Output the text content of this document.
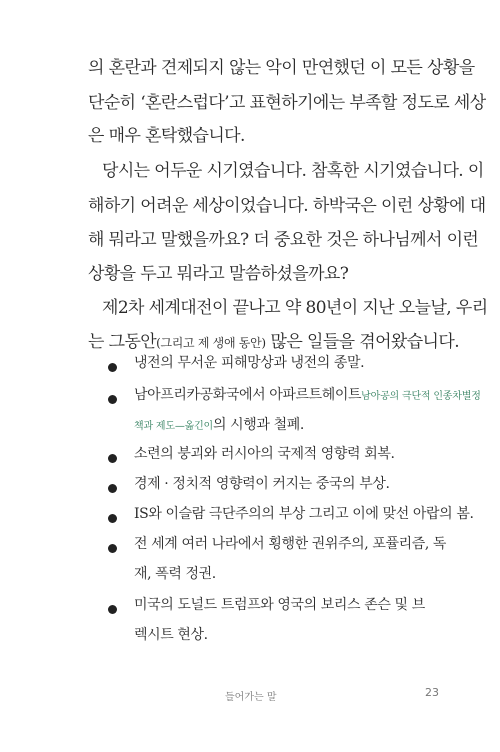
의 혼란과 견제되지 않는 악이 만연했던 이 모든 상황을
단순히 ‘혼란스럽다’고 표현하기에는 부족할 정도로 세상
은 매우 혼탁했습니다.
당시는 어두운 시기였습니다. 참혹한 시기였습니다. 이
해하기 어려운 세상이었습니다. 하박국은 이런 상황에 대
해 뭐라고 말했을까요? 더 중요한 것은 하나님께서 이런
상황을 두고 뭐라고 말씀하셨을까요?
제2차 세계대전이 끝나고 약 80년이 지난 오늘날, 우리
는 그동안(그리고 제 생애 동안) 많은 일들을 겪어왔습니다.
냉전의 무서운 피해망상과 냉전의 종말.
남아프리카공화국에서 아파르트헤이트남아공의 극단적 인종차별정
책과 제도—옮긴이의 시행과 철폐.
소련의 붕괴와 러시아의 국제적 영향력 회복.
경제 · 정치적 영향력이 커지는 중국의 부상.
IS와 이슬람 극단주의의 부상 그리고 이에 맞선 아랍의 봄.
전 세계 여러 나라에서 횡행한 권위주의, 포퓰리즘, 독
재, 폭력 정권.
미국의 도널드 트럼프와 영국의 보리스 존슨 및 브
렉시트 현상.
들어가는 말	23
